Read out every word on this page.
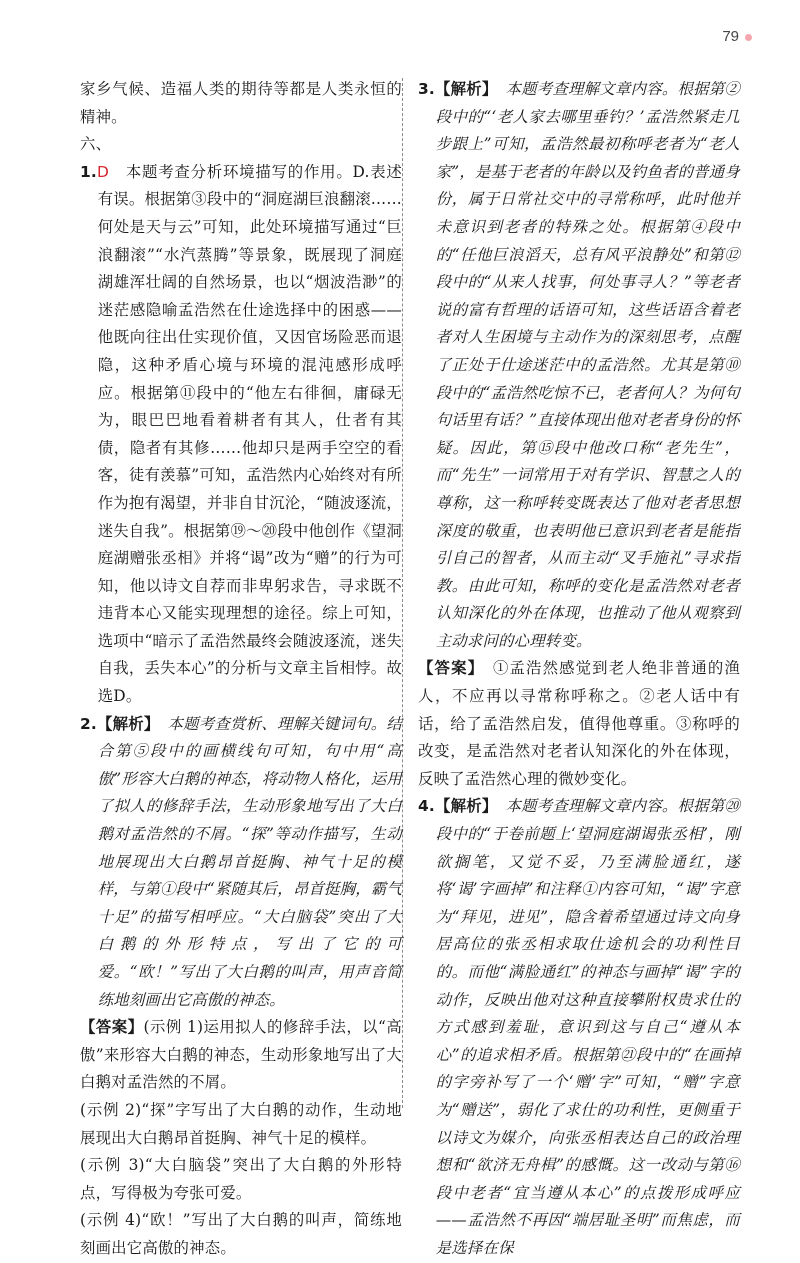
79

家乡气候、造福人类的期待等都是人类永恒的精神。

六、

1.D　本题考查分析环境描写的作用。D.表述有误。根据第③段中的“洞庭湖巨浪翻滚……何处是天与云”可知，此处环境描写通过“巨浪翻滚”“水汽蒸腾”等景象，既展现了洞庭湖雄浑壮阔的自然场景，也以“烟波浩渺”的迷茫感隐喻孟浩然在仕途选择中的困惑——他既向往出仕实现价值，又因官场险恶而退隐，这种矛盾心境与环境的混沌感形成呼应。根据第⑪段中的“他左右徘徊，庸碌无为，眼巴巴地看着耕者有其人，仕者有其债，隐者有其修……他却只是两手空空的看客，徒有羡慕”可知，孟浩然内心始终对有所作为抱有渴望，并非自甘沉沦，“随波逐流，迷失自我”。根据第⑲～⑳段中他创作《望洞庭湖赠张丞相》并将“谒”改为“赠”的行为可知，他以诗文自荐而非卑躬求告，寻求既不违背本心又能实现理想的途径。综上可知，选项中“暗示了孟浩然最终会随波逐流，迷失自我，丢失本心”的分析与文章主旨相悖。故选D。

2.【解析】　本题考查赏析、理解关键词句。结合第⑤段中的画横线句可知，句中用“高傲”形容大白鹅的神态，将动物人格化，运用了拟人的修辞手法，生动形象地写出了大白鹅对孟浩然的不屑。“探”等动作描写，生动地展现出大白鹅昂首挺胸、神气十足的模样，与第①段中“紧随其后，昂首挺胸，霸气十足”的描写相呼应。“大白脑袋”突出了大白鹅的外形特点，写出了它的可爱。“欧！”写出了大白鹅的叫声，用声音简练地刻画出它高傲的神态。

【答案】(示例 1)运用拟人的修辞手法，以“高傲”来形容大白鹅的神态，生动形象地写出了大白鹅对孟浩然的不屑。

(示例 2)“探”字写出了大白鹅的动作，生动地展现出大白鹅昂首挺胸、神气十足的模样。

(示例 3)“大白脑袋”突出了大白鹅的外形特点，写得极为夸张可爱。

(示例 4)“欧！”写出了大白鹅的叫声，简练地刻画出它高傲的神态。

3.【解析】　本题考查理解文章内容。根据第②段中的“‘老人家去哪里垂钓？’孟浩然紧走几步跟上”可知，孟浩然最初称呼老者为“老人家”，是基于老者的年龄以及钓鱼者的普通身份，属于日常社交中的寻常称呼，此时他并未意识到老者的特殊之处。根据第④段中的“任他巨浪滔天，总有风平浪静处”和第⑫段中的“从来人找事，何处事寻人？”等老者说的富有哲理的话语可知，这些话语含着老者对人生困境与主动作为的深刻思考，点醒了正处于仕途迷茫中的孟浩然。尤其是第⑩段中的“孟浩然吃惊不已，老者何人？为何句句话里有话？”直接体现出他对老者身份的怀疑。因此，第⑮段中他改口称“老先生”，而“先生”一词常用于对有学识、智慧之人的尊称，这一称呼转变既表达了他对老者思想深度的敬重，也表明他已意识到老者是能指引自己的智者，从而主动“叉手施礼”寻求指教。由此可知，称呼的变化是孟浩然对老者认知深化的外在体现，也推动了他从观察到主动求问的心理转变。

【答案】　①孟浩然感觉到老人绝非普通的渔人，不应再以寻常称呼称之。②老人话中有话，给了孟浩然启发，值得他尊重。③称呼的改变，是孟浩然对老者认知深化的外在体现，反映了孟浩然心理的微妙变化。

4.【解析】　本题考查理解文章内容。根据第⑳段中的“于卷前题上‘望洞庭湖谒张丞相’，刚欲搁笔，又觉不妥，乃至满脸通红，遂将‘谒’字画掉”和注释①内容可知，“谒”字意为“拜见，进见”，隐含着希望通过诗文向身居高位的张丞相求取仕途机会的功利性目的。而他“满脸通红”的神态与画掉“谒”字的动作，反映出他对这种直接攀附权贵求仕的方式感到羞耻，意识到这与自己“遵从本心”的追求相矛盾。根据第㉑段中的“在画掉的字旁补写了一个‘赠’字”可知，“赠”字意为“赠送”，弱化了求仕的功利性，更侧重于以诗文为媒介，向张丞相表达自己的政治理想和“欲济无舟楫”的感慨。这一改动与第⑯段中老者“宜当遵从本心”的点拨形成呼应——孟浩然不再因“端居耻圣明”而焦虑，而是选择在保
